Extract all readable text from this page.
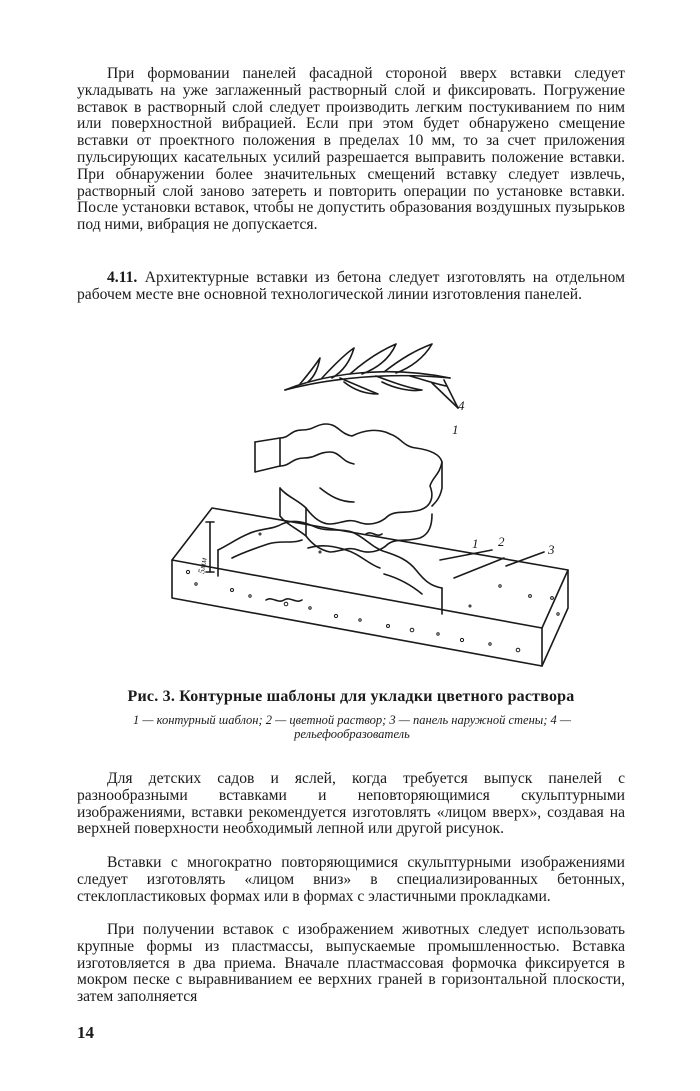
При формовании панелей фасадной стороной вверх вставки следует укладывать на уже заглаженный растворный слой и фиксировать. Погружение вставок в растворный слой следует производить легким постукиванием по ним или поверхностной вибрацией. Если при этом будет обнаружено смещение вставки от проектного положения в пределах 10 мм, то за счет приложения пульсирующих касательных усилий разрешается выправить положение вставки. При обнаружении более значительных смещений вставку следует извлечь, растворный слой заново затереть и повторить операции по установке вставки. После установки вставок, чтобы не допустить образования воздушных пузырьков под ними, вибрация не допускается.

4.11. Архитектурные вставки из бетона следует изготовлять на отдельном рабочем месте вне основной технологической линии изготовления панелей.

1
1 2
3
4
5мм
Рис. 3. Контурные шаблоны для укладки цветного раствора
1 — контурный шаблон; 2 — цветной раствор; 3 — панель наружной стены; 4 — рельефообразователь

Для детских садов и яслей, когда требуется выпуск панелей с разнообразными вставками и неповторяющимися скульптурными изображениями, вставки рекомендуется изготовлять «лицом вверх», создавая на верхней поверхности необходимый лепной или другой рисунок.

Вставки с многократно повторяющимися скульптурными изображениями следует изготовлять «лицом вниз» в специализированных бетонных, стеклопластиковых формах или в формах с эластичными прокладками.

При получении вставок с изображением животных следует использовать крупные формы из пластмассы, выпускаемые промышленностью. Вставка изготовляется в два приема. Вначале пластмассовая формочка фиксируется в мокром песке с выравниванием ее верхних граней в горизонтальной плоскости, затем заполняется

14
